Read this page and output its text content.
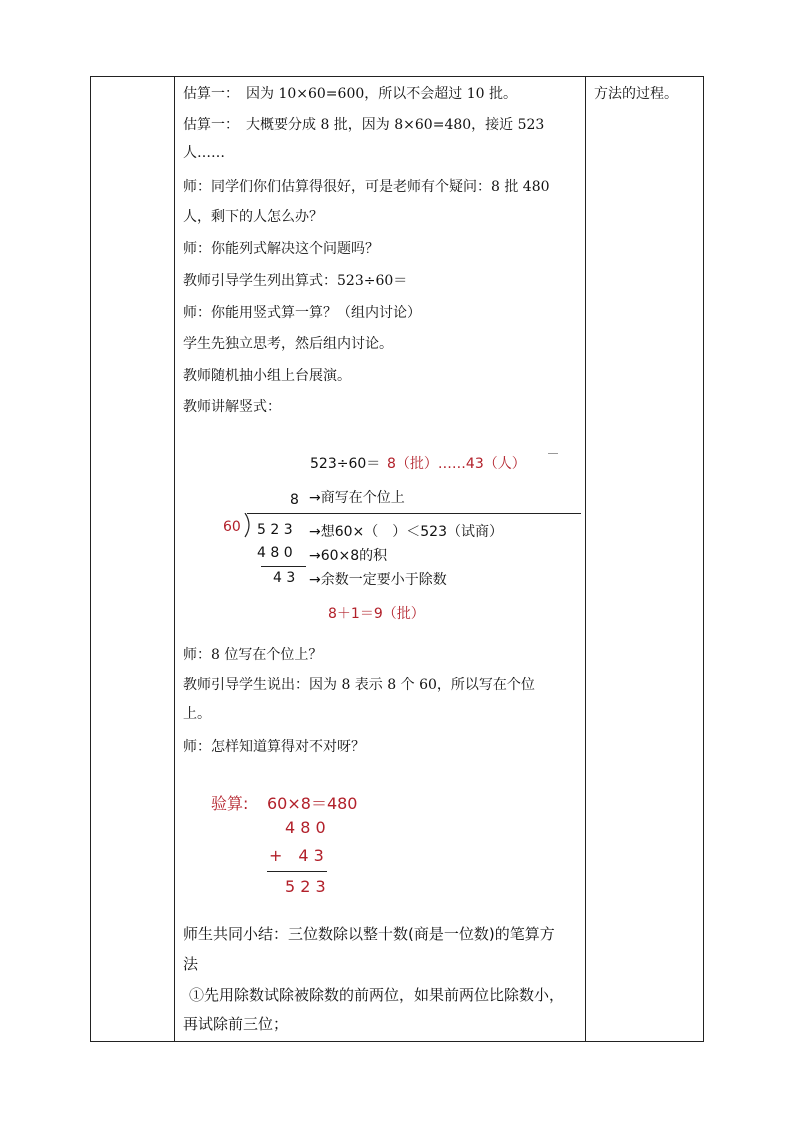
方法的过程。
估算一：　因为 10×60=600，所以不会超过 10 批。
估算一：　大概要分成 8 批，因为 8×60=480，接近 523
人……
师：同学们你们估算得很好，可是老师有个疑问：8 批 480
人，剩下的人怎么办？
师：你能列式解决这个问题吗？
教师引导学生列出算式：523÷60＝
师：你能用竖式算一算？（组内讨论）
学生先独立思考，然后组内讨论。
教师随机抽小组上台展演。
教师讲解竖式：
523÷60＝ 8（批）……43（人）
8 →商写在个位上
60 5 2 3 →想60×（　）＜523（试商）
4 8 0 →60×8的积
4 3 →余数一定要小于除数
8＋1＝9（批）
师：8 位写在个位上？
教师引导学生说出：因为 8 表示 8 个 60，所以写在个位
上。
师：怎样知道算得对不对呀？
验算: 60×8＝480
4 8 0
+　4 3
5 2 3
师生共同小结：三位数除以整十数(商是一位数)的笔算方
法
①先用除数试除被除数的前两位，如果前两位比除数小，
再试除前三位；
